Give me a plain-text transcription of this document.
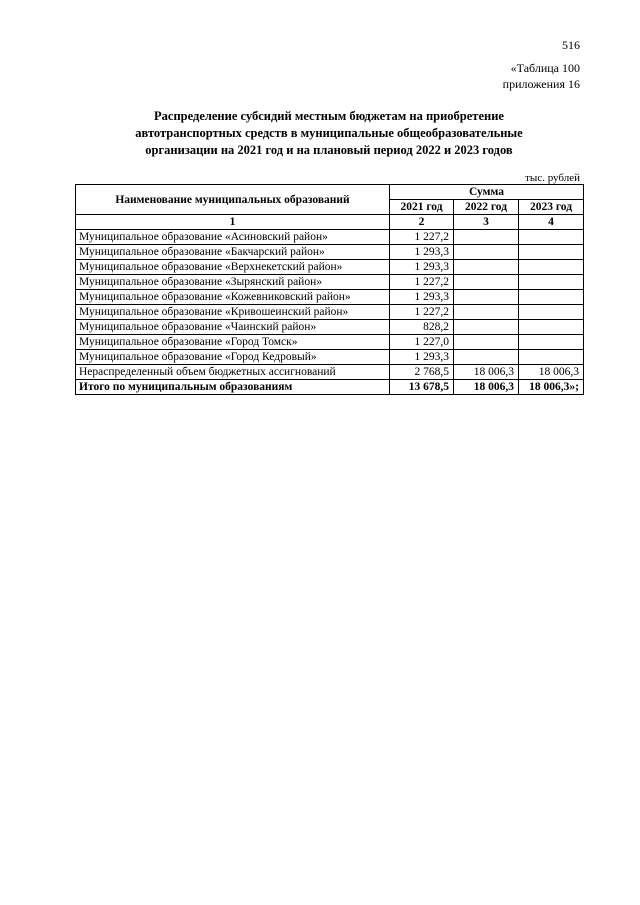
516
«Таблица 100
приложения 16
Распределение субсидий местным бюджетам на приобретение
автотранспортных средств в муниципальные общеобразовательные
организации на 2021 год и на плановый период 2022 и 2023 годов
тыс. рублей
Наименование муниципальных образований	Сумма		
	2021 год	2022 год	2023 год
1	2	3	4
Муниципальное образование «Асиновский район»	1 227,2		
Муниципальное образование «Бакчарский район»	1 293,3		
Муниципальное образование «Верхнекетский район»	1 293,3		
Муниципальное образование «Зырянский район»	1 227,2		
Муниципальное образование «Кожевниковский район»	1 293,3		
Муниципальное образование «Кривошеинский район»	1 227,2		
Муниципальное образование «Чаинский район»	828,2		
Муниципальное образование «Город Томск»	1 227,0		
Муниципальное образование «Город Кедровый»	1 293,3		
Нераспределенный объем бюджетных ассигнований	2 768,5	18 006,3	18 006,3
Итого по муниципальным образованиям	13 678,5	18 006,3	18 006,3»;
